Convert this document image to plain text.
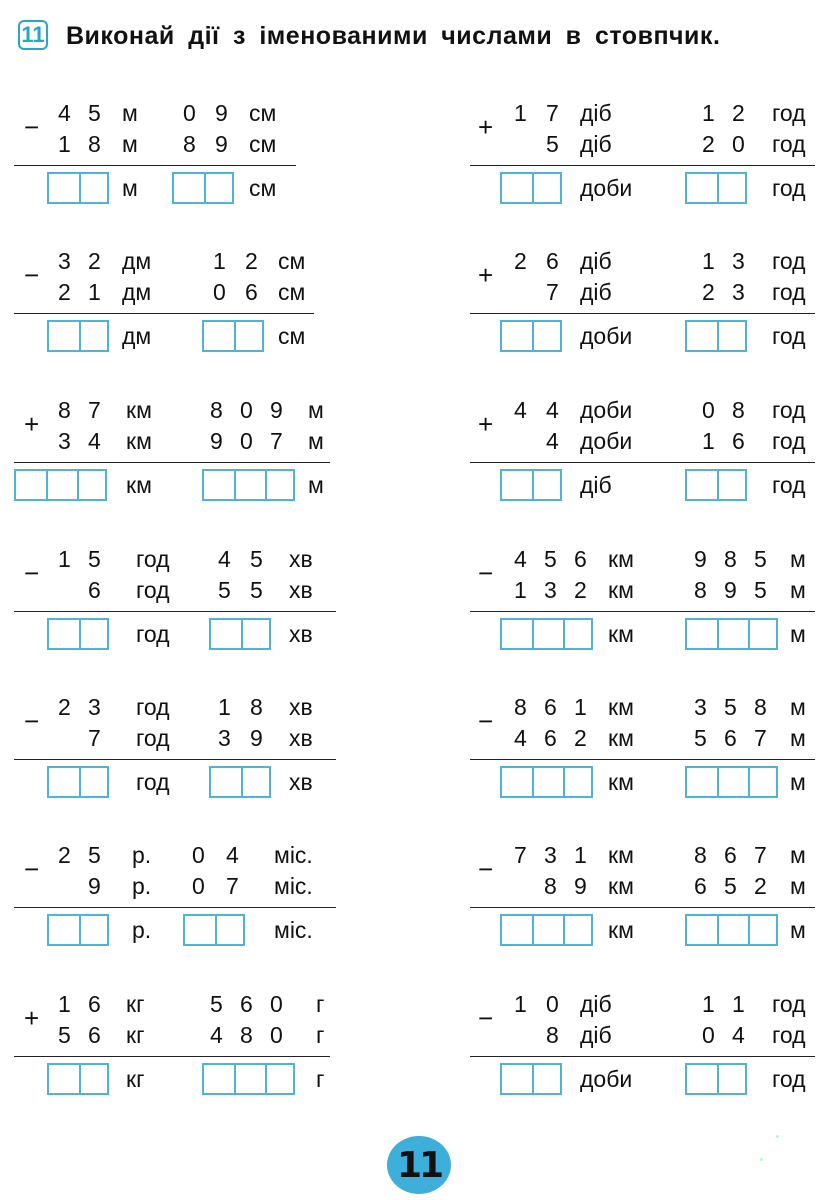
11 Виконай дії з іменованими числами в стовпчик.
− 4 5 м 0 9 см
1 8 м 8 9 см
м	см
+ 1 7 діб	1 2 год
5 діб	2 0 год
доби	год
− 3 2 дм	1 2 см
2 1 дм	0 6 см
дм	см
+ 2 6 діб	1 3 год
7 діб	2 3 год
доби	год
+ 8 7 км	8 0 9 м
3 4 км	9 0 7 м
км	м
+ 4 4 доби	0 8 год
4 доби	1 6 год
діб	год
− 1 5 год 4 5 хв
6 год 5 5 хв
год	хв
− 4 5 6 км	9 8 5 м
1 3 2 км	8 9 5 м
км	м
− 2 3 год 1 8 хв
7 год 3 9 хв
год	хв
− 8 6 1 км	3 5 8 м
4 6 2 км	5 6 7 м
км	м
− 2 5 р. 0 4 міс.
9 р. 0 7 міс.
р.	міс.
− 7 3 1 км	8 6 7 м
8 9 км	6 5 2 м
км	м
+ 1 6 кг	5 6 0 г
5 6 кг	4 8 0 г
кг	г
− 1 0 діб	1 1 год
8 діб	0 4 год
доби	год
11
